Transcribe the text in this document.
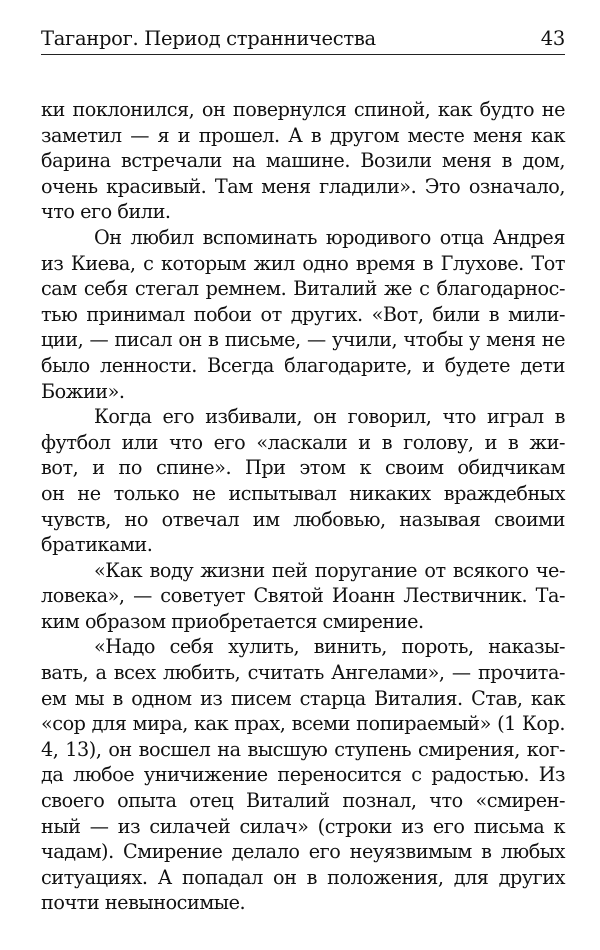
Таганрог. Период странничества	43
ки поклонился, он повернулся спиной, как будто не
заметил — я и прошел. А в другом месте меня как
барина встречали на машине. Возили меня в дом,
очень красивый. Там меня гладили». Это означало,
что его били.
Он любил вспоминать юродивого отца Андрея
из Киева, с которым жил одно время в Глухове. Тот
сам себя стегал ремнем. Виталий же с благодарнос-
тью принимал побои от других. «Вот, били в мили-
ции, — писал он в письме, — учили, чтобы у меня не
было ленности. Всегда благодарите, и будете дети
Божии».
Когда его избивали, он говорил, что играл в
футбол или что его «ласкали и в голову, и в жи-
вот, и по спине». При этом к своим обидчикам
он не только не испытывал никаких враждебных
чувств, но отвечал им любовью, называя своими
братиками.
«Как воду жизни пей поругание от всякого че-
ловека», — советует Святой Иоанн Лествичник. Та-
ким образом приобретается смирение.
«Надо себя хулить, винить, пороть, наказы-
вать, а всех любить, считать Ангелами», — прочита-
ем мы в одном из писем старца Виталия. Став, как
«сор для мира, как прах, всеми попираемый» (1 Кор.
4, 13), он восшел на высшую ступень смирения, ког-
да любое уничижение переносится с радостью. Из
своего опыта отец Виталий познал, что «смирен-
ный — из силачей силач» (строки из его письма к
чадам). Смирение делало его неуязвимым в любых
ситуациях. А попадал он в положения, для других
почти невыносимые.
